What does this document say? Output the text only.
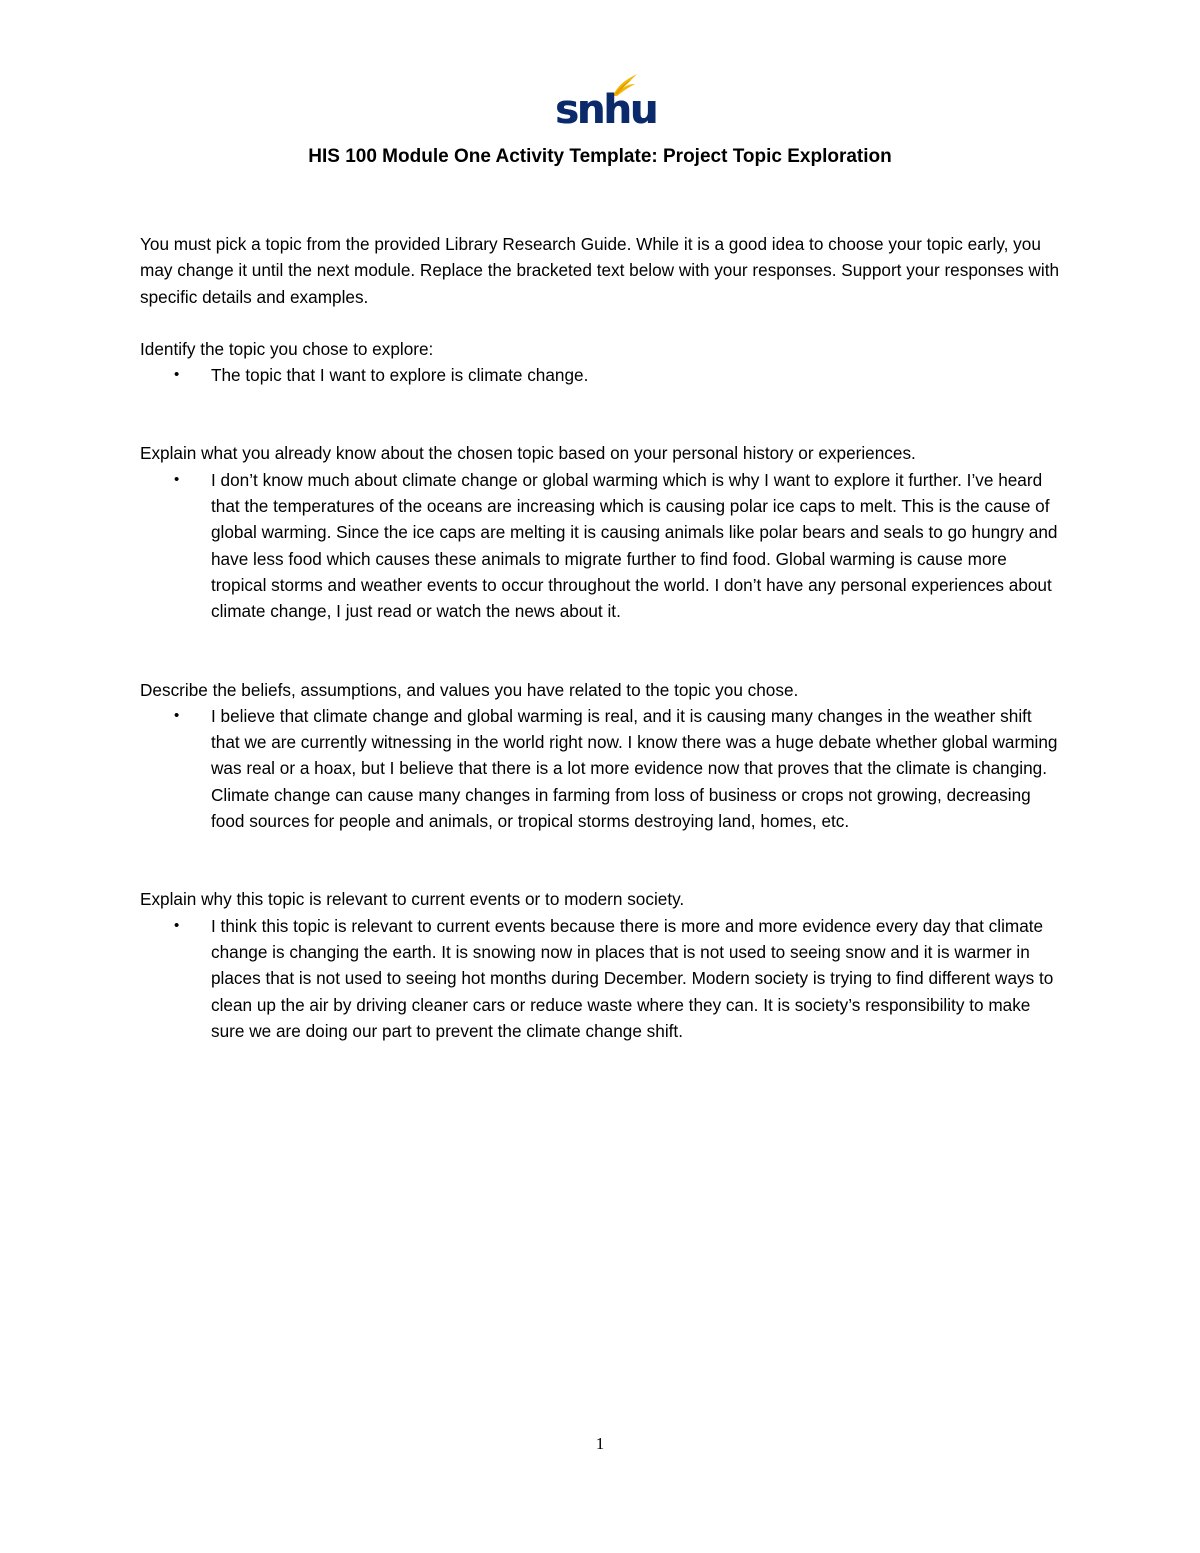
snhu
HIS 100 Module One Activity Template: Project Topic Exploration

You must pick a topic from the provided Library Research Guide. While it is a good idea to choose your topic early, you may change it until the next module. Replace the bracketed text below with your responses. Support your responses with specific details and examples.

Identify the topic you chose to explore:

• The topic that I want to explore is climate change.

Explain what you already know about the chosen topic based on your personal history or experiences.

• I don’t know much about climate change or global warming which is why I want to explore it further. I’ve heard that the temperatures of the oceans are increasing which is causing polar ice caps to melt. This is the cause of global warming. Since the ice caps are melting it is causing animals like polar bears and seals to go hungry and have less food which causes these animals to migrate further to find food. Global warming is cause more tropical storms and weather events to occur throughout the world. I don’t have any personal experiences about climate change, I just read or watch the news about it.

Describe the beliefs, assumptions, and values you have related to the topic you chose.

• I believe that climate change and global warming is real, and it is causing many changes in the weather shift that we are currently witnessing in the world right now. I know there was a huge debate whether global warming was real or a hoax, but I believe that there is a lot more evidence now that proves that the climate is changing. Climate change can cause many changes in farming from loss of business or crops not growing, decreasing food sources for people and animals, or tropical storms destroying land, homes, etc.

Explain why this topic is relevant to current events or to modern society.

• I think this topic is relevant to current events because there is more and more evidence every day that climate change is changing the earth. It is snowing now in places that is not used to seeing snow and it is warmer in places that is not used to seeing hot months during December. Modern society is trying to find different ways to clean up the air by driving cleaner cars or reduce waste where they can. It is society’s responsibility to make sure we are doing our part to prevent the climate change shift.
1
